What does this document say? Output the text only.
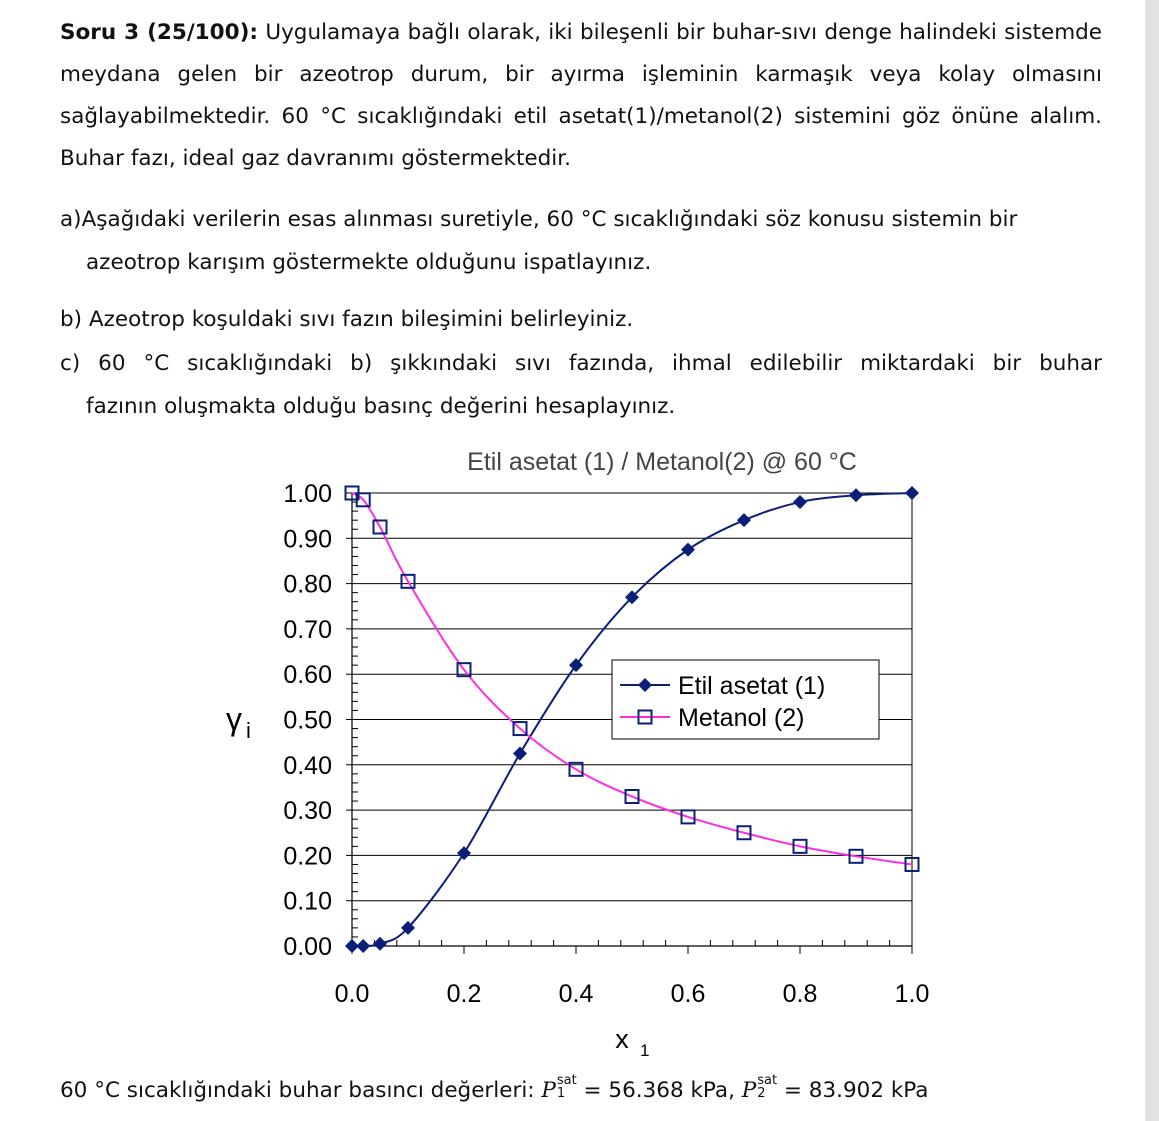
Soru 3 (25/100): Uygulamaya bağlı olarak, iki bileşenli bir buhar-sıvı denge halindeki sistemde meydana gelen bir azeotrop durum, bir ayırma işleminin karmaşık veya kolay olmasını sağlayabilmektedir. 60 °C sıcaklığındaki etil asetat(1)/metanol(2) sistemini göz önüne alalım. Buhar fazı, ideal gaz davranımı göstermektedir.

a)Aşağıdaki verilerin esas alınması suretiyle, 60 °C sıcaklığındaki söz konusu sistemin bir
azeotrop karışım göstermekte olduğunu ispatlayınız.
b) Azeotrop koşuldaki sıvı fazın bileşimini belirleyiniz.
c) 60 °C sıcaklığındaki b) şıkkındaki sıvı fazında, ihmal edilebilir miktardaki bir buhar
fazının oluşmakta olduğu basınç değerini hesaplayınız.
Etil asetat (1) / Metanol(2) @ 60 °C
0.00
0.10
0.20
0.30
0.40
0.50
0.60
0.70
0.80
0.90
1.00
0.0	0.2	0.4	0.6	0.8	1.0
x 1
γ i
Etil asetat (1)
Metanol (2)
60 °C sıcaklığındaki buhar basıncı değerleri: P sat
1 = 56.368 kPa, P sat
2 = 83.902 kPa
